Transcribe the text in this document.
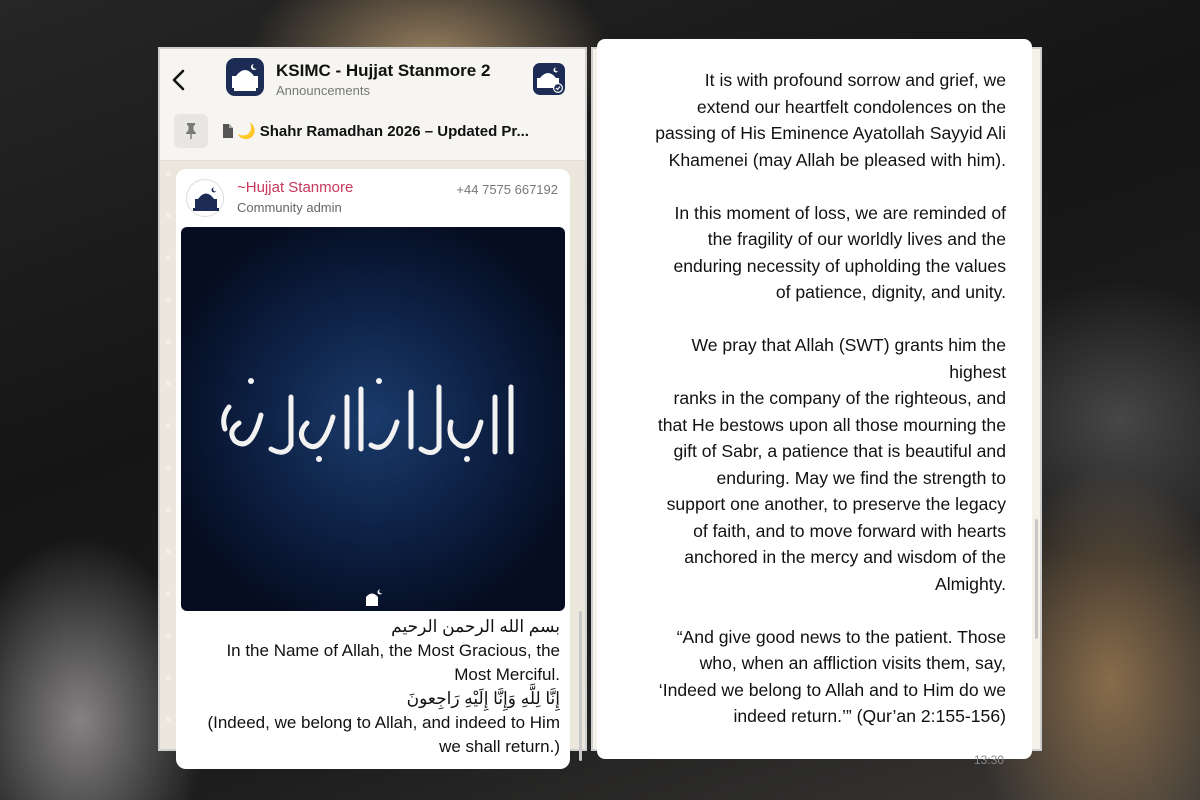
KSIMC - Hujjat Stanmore 2
Announcements
🌙 Shahr Ramadhan 2026 – Updated Pr...
~Hujjat Stanmore
Community admin
+44 7575 667192
بسم الله الرحمن الرحيم
In the Name of Allah, the Most Gracious, the Most Merciful.
إِنَّا لِلَّهِ وَإِنَّا إِلَيْهِ رَاجِعونَ
(Indeed, we belong to Allah, and indeed to Him we shall return.)

It is with profound sorrow and grief, we

extend our heartfelt condolences on the

passing of His Eminence Ayatollah Sayyid Ali

Khamenei (may Allah be pleased with him).

In this moment of loss, we are reminded of

the fragility of our worldly lives and the

enduring necessity of upholding the values

of patience, dignity, and unity.

We pray that Allah (SWT) grants him the

highest

ranks in the company of the righteous, and

that He bestows upon all those mourning the

gift of Sabr, a patience that is beautiful and

enduring. May we find the strength to

support one another, to preserve the legacy

of faith, and to move forward with hearts

anchored in the mercy and wisdom of the

Almighty.

“And give good news to the patient. Those

who, when an affliction visits them, say,

‘Indeed we belong to Allah and to Him do we

indeed return.’” (Qur’an 2:155-156)

13:30
